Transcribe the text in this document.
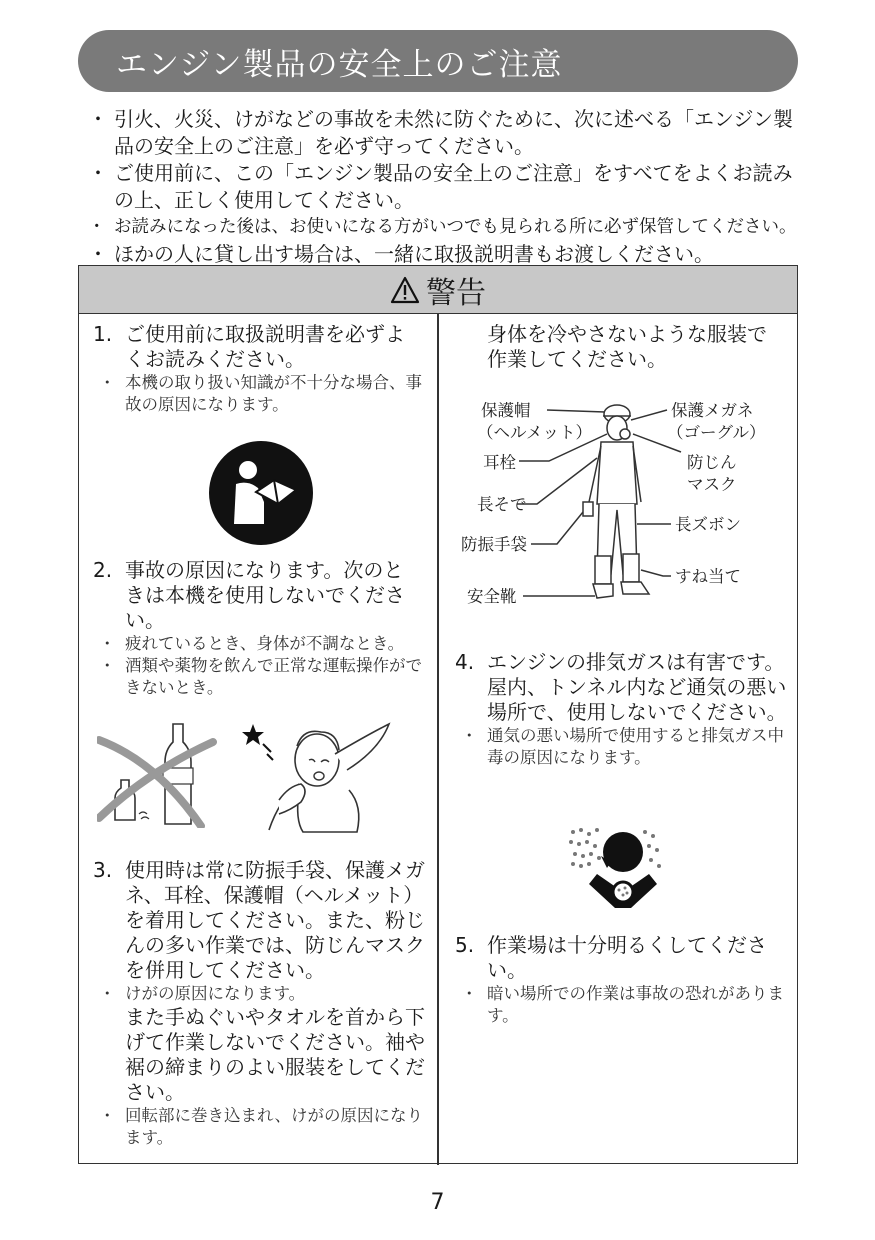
エンジン製品の安全上のご注意
・ 引火、火災、けがなどの事故を未然に防ぐために、次に述べる「エンジン製品の安全上のご注意」を必ず守ってください。
・ ご使用前に、この「エンジン製品の安全上のご注意」をすべてをよくお読みの上、正しく使用してください。
・ お読みになった後は、お使いになる方がいつでも見られる所に必ず保管してください。
・ ほかの人に貸し出す場合は、一緒に取扱説明書もお渡しください。
警告
1. ご使用前に取扱説明書を必ずよくお読みください。
・ 本機の取り扱い知識が不十分な場合、事故の原因になります。
2. 事故の原因になります。次のときは本機を使用しないでください。
・ 疲れているとき、身体が不調なとき。
・ 酒類や薬物を飲んで正常な運転操作ができないとき。
3. 使用時は常に防振手袋、保護メガネ、耳栓、保護帽（ヘルメット）を着用してください。また、粉じんの多い作業では、防じんマスクを併用してください。
・ けがの原因になります。
また手ぬぐいやタオルを首から下げて作業しないでください。袖や裾の締まりのよい服装をしてください。
・ 回転部に巻き込まれ、けがの原因になります。
身体を冷やさないような服装で作業してください。
保護帽
（ヘルメット）
保護メガネ
（ゴーグル）
耳栓	防じん
マスク
長そで
長ズボン
防振手袋
すね当て
安全靴
4. エンジンの排気ガスは有害です。屋内、トンネル内など通気の悪い場所で、使用しないでください。
・ 通気の悪い場所で使用すると排気ガス中毒の原因になります。
5. 作業場は十分明るくしてください。
・ 暗い場所での作業は事故の恐れがあります。
7
